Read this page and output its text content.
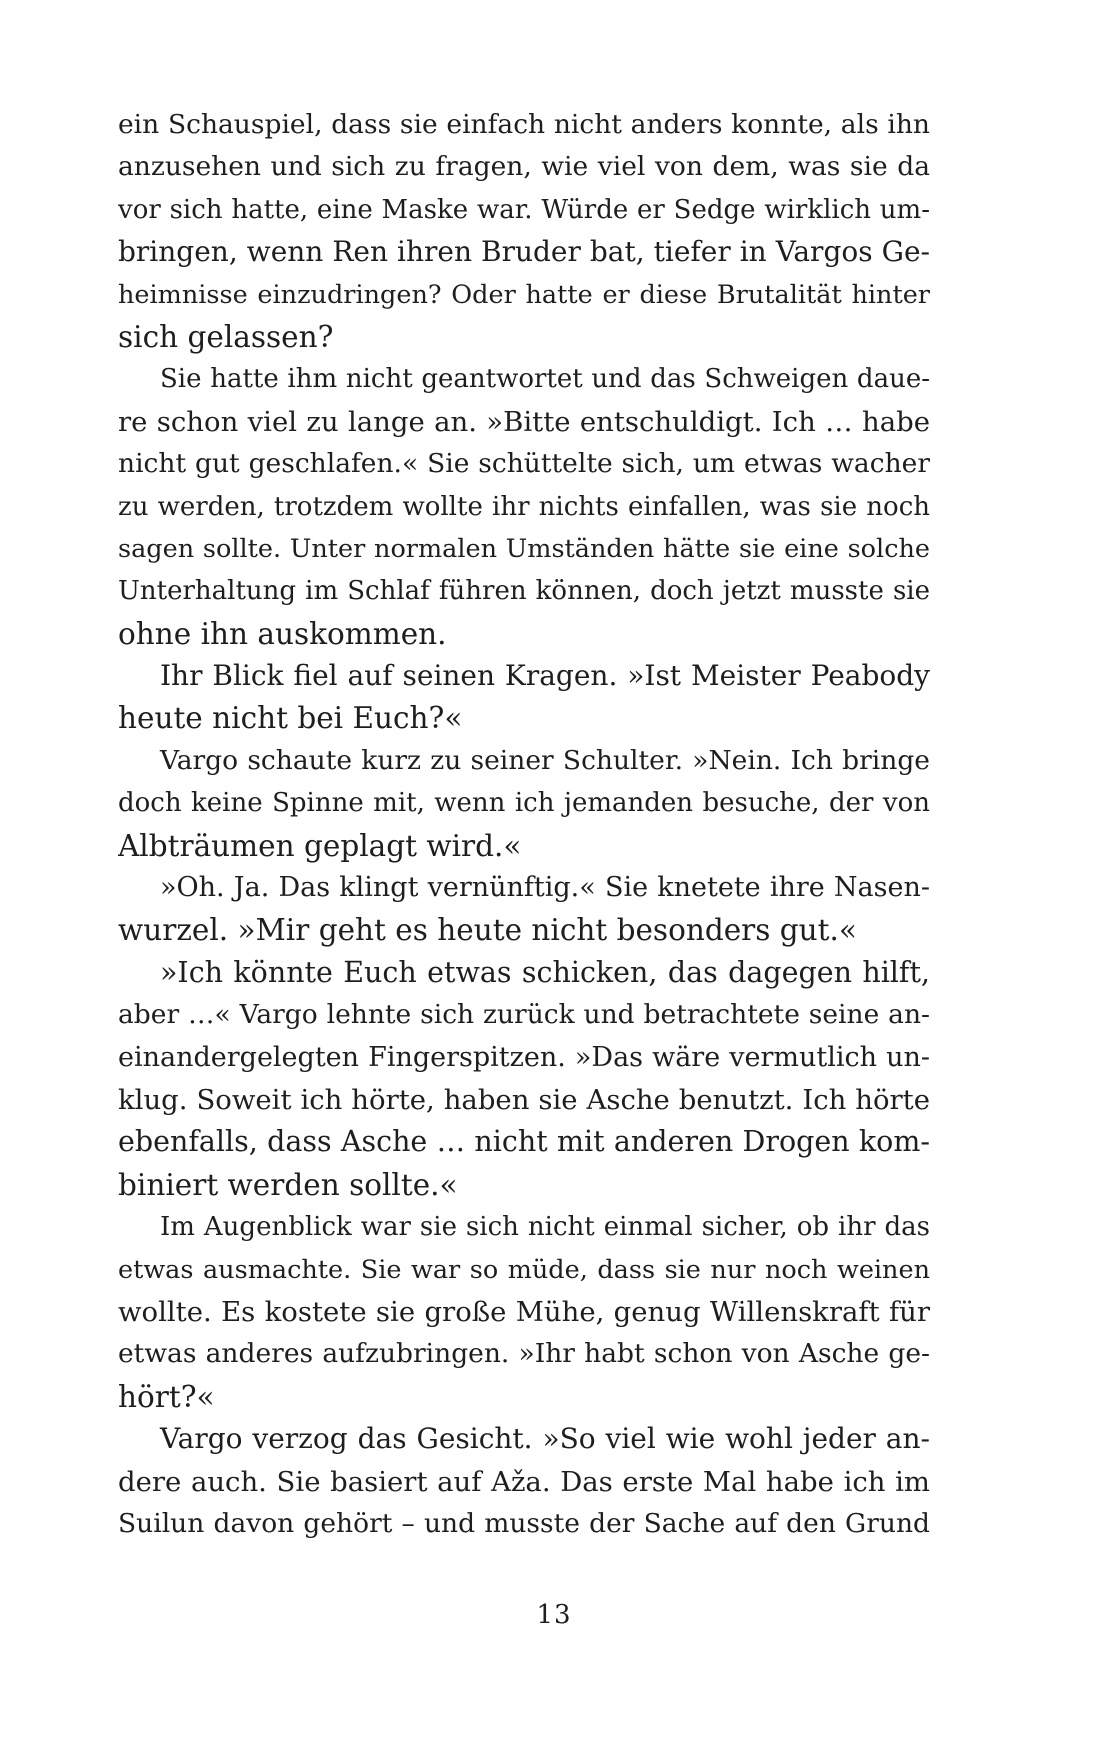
ein Schauspiel, dass sie einfach nicht anders konnte, als ihn
anzusehen und sich zu fragen, wie viel von dem, was sie da
vor sich hatte, eine Maske war. Würde er Sedge wirklich um-
bringen, wenn Ren ihren Bruder bat, tiefer in Vargos Ge-
heimnisse einzudringen? Oder hatte er diese Brutalität hinter
sich gelassen?
Sie hatte ihm nicht geantwortet und das Schweigen daue-
re schon viel zu lange an. »Bitte entschuldigt. Ich … habe
nicht gut geschlafen.« Sie schüttelte sich, um etwas wacher
zu werden, trotzdem wollte ihr nichts einfallen, was sie noch
sagen sollte. Unter normalen Umständen hätte sie eine solche
Unterhaltung im Schlaf führen können, doch jetzt musste sie
ohne ihn auskommen.
Ihr Blick fiel auf seinen Kragen. »Ist Meister Peabody
heute nicht bei Euch?«
Vargo schaute kurz zu seiner Schulter. »Nein. Ich bringe
doch keine Spinne mit, wenn ich jemanden besuche, der von
Albträumen geplagt wird.«
»Oh. Ja. Das klingt vernünftig.« Sie knetete ihre Nasen-
wurzel. »Mir geht es heute nicht besonders gut.«
»Ich könnte Euch etwas schicken, das dagegen hilft,
aber …« Vargo lehnte sich zurück und betrachtete seine an-
einandergelegten Fingerspitzen. »Das wäre vermutlich un-
klug. Soweit ich hörte, haben sie Asche benutzt. Ich hörte
ebenfalls, dass Asche … nicht mit anderen Drogen kom-
biniert werden sollte.«
Im Augenblick war sie sich nicht einmal sicher, ob ihr das
etwas ausmachte. Sie war so müde, dass sie nur noch weinen
wollte. Es kostete sie große Mühe, genug Willenskraft für
etwas anderes aufzubringen. »Ihr habt schon von Asche ge-
hört?«
Vargo verzog das Gesicht. »So viel wie wohl jeder an-
dere auch. Sie basiert auf Aža. Das erste Mal habe ich im
Suilun davon gehört – und musste der Sache auf den Grund
13
